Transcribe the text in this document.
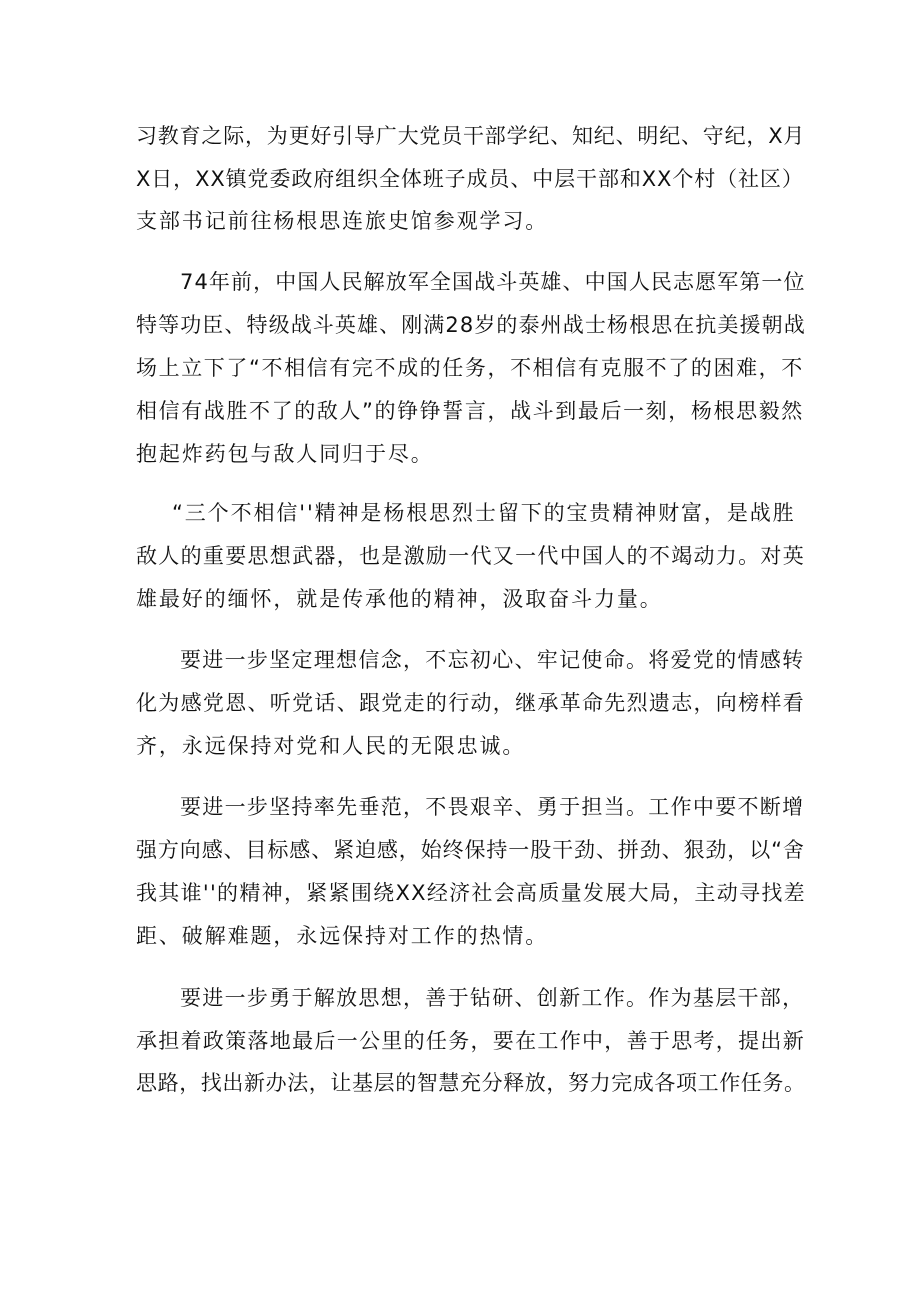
习教育之际，为更好引导广大党员干部学纪、知纪、明纪、守纪，X月

X日，XX镇党委政府组织全体班子成员、中层干部和XX个村（社区）

支部书记前往杨根思连旅史馆参观学习。

74年前，中国人民解放军全国战斗英雄、中国人民志愿军第一位

特等功臣、特级战斗英雄、刚满28岁的泰州战士杨根思在抗美援朝战

场上立下了“不相信有完不成的任务，不相信有克服不了的困难，不

相信有战胜不了的敌人”的铮铮誓言，战斗到最后一刻，杨根思毅然

抱起炸药包与敌人同归于尽。

“三个不相信''精神是杨根思烈士留下的宝贵精神财富，是战胜

敌人的重要思想武器，也是激励一代又一代中国人的不竭动力。对英

雄最好的缅怀，就是传承他的精神，汲取奋斗力量。

要进一步坚定理想信念，不忘初心、牢记使命。将爱党的情感转

化为感党恩、听党话、跟党走的行动，继承革命先烈遗志，向榜样看

齐，永远保持对党和人民的无限忠诚。

要进一步坚持率先垂范，不畏艰辛、勇于担当。工作中要不断增

强方向感、目标感、紧迫感，始终保持一股干劲、拼劲、狠劲，以“舍

我其谁''的精神，紧紧围绕XX经济社会高质量发展大局，主动寻找差

距、破解难题，永远保持对工作的热情。

要进一步勇于解放思想，善于钻研、创新工作。作为基层干部，

承担着政策落地最后一公里的任务，要在工作中，善于思考，提出新

思路，找出新办法，让基层的智慧充分释放，努力完成各项工作任务。
